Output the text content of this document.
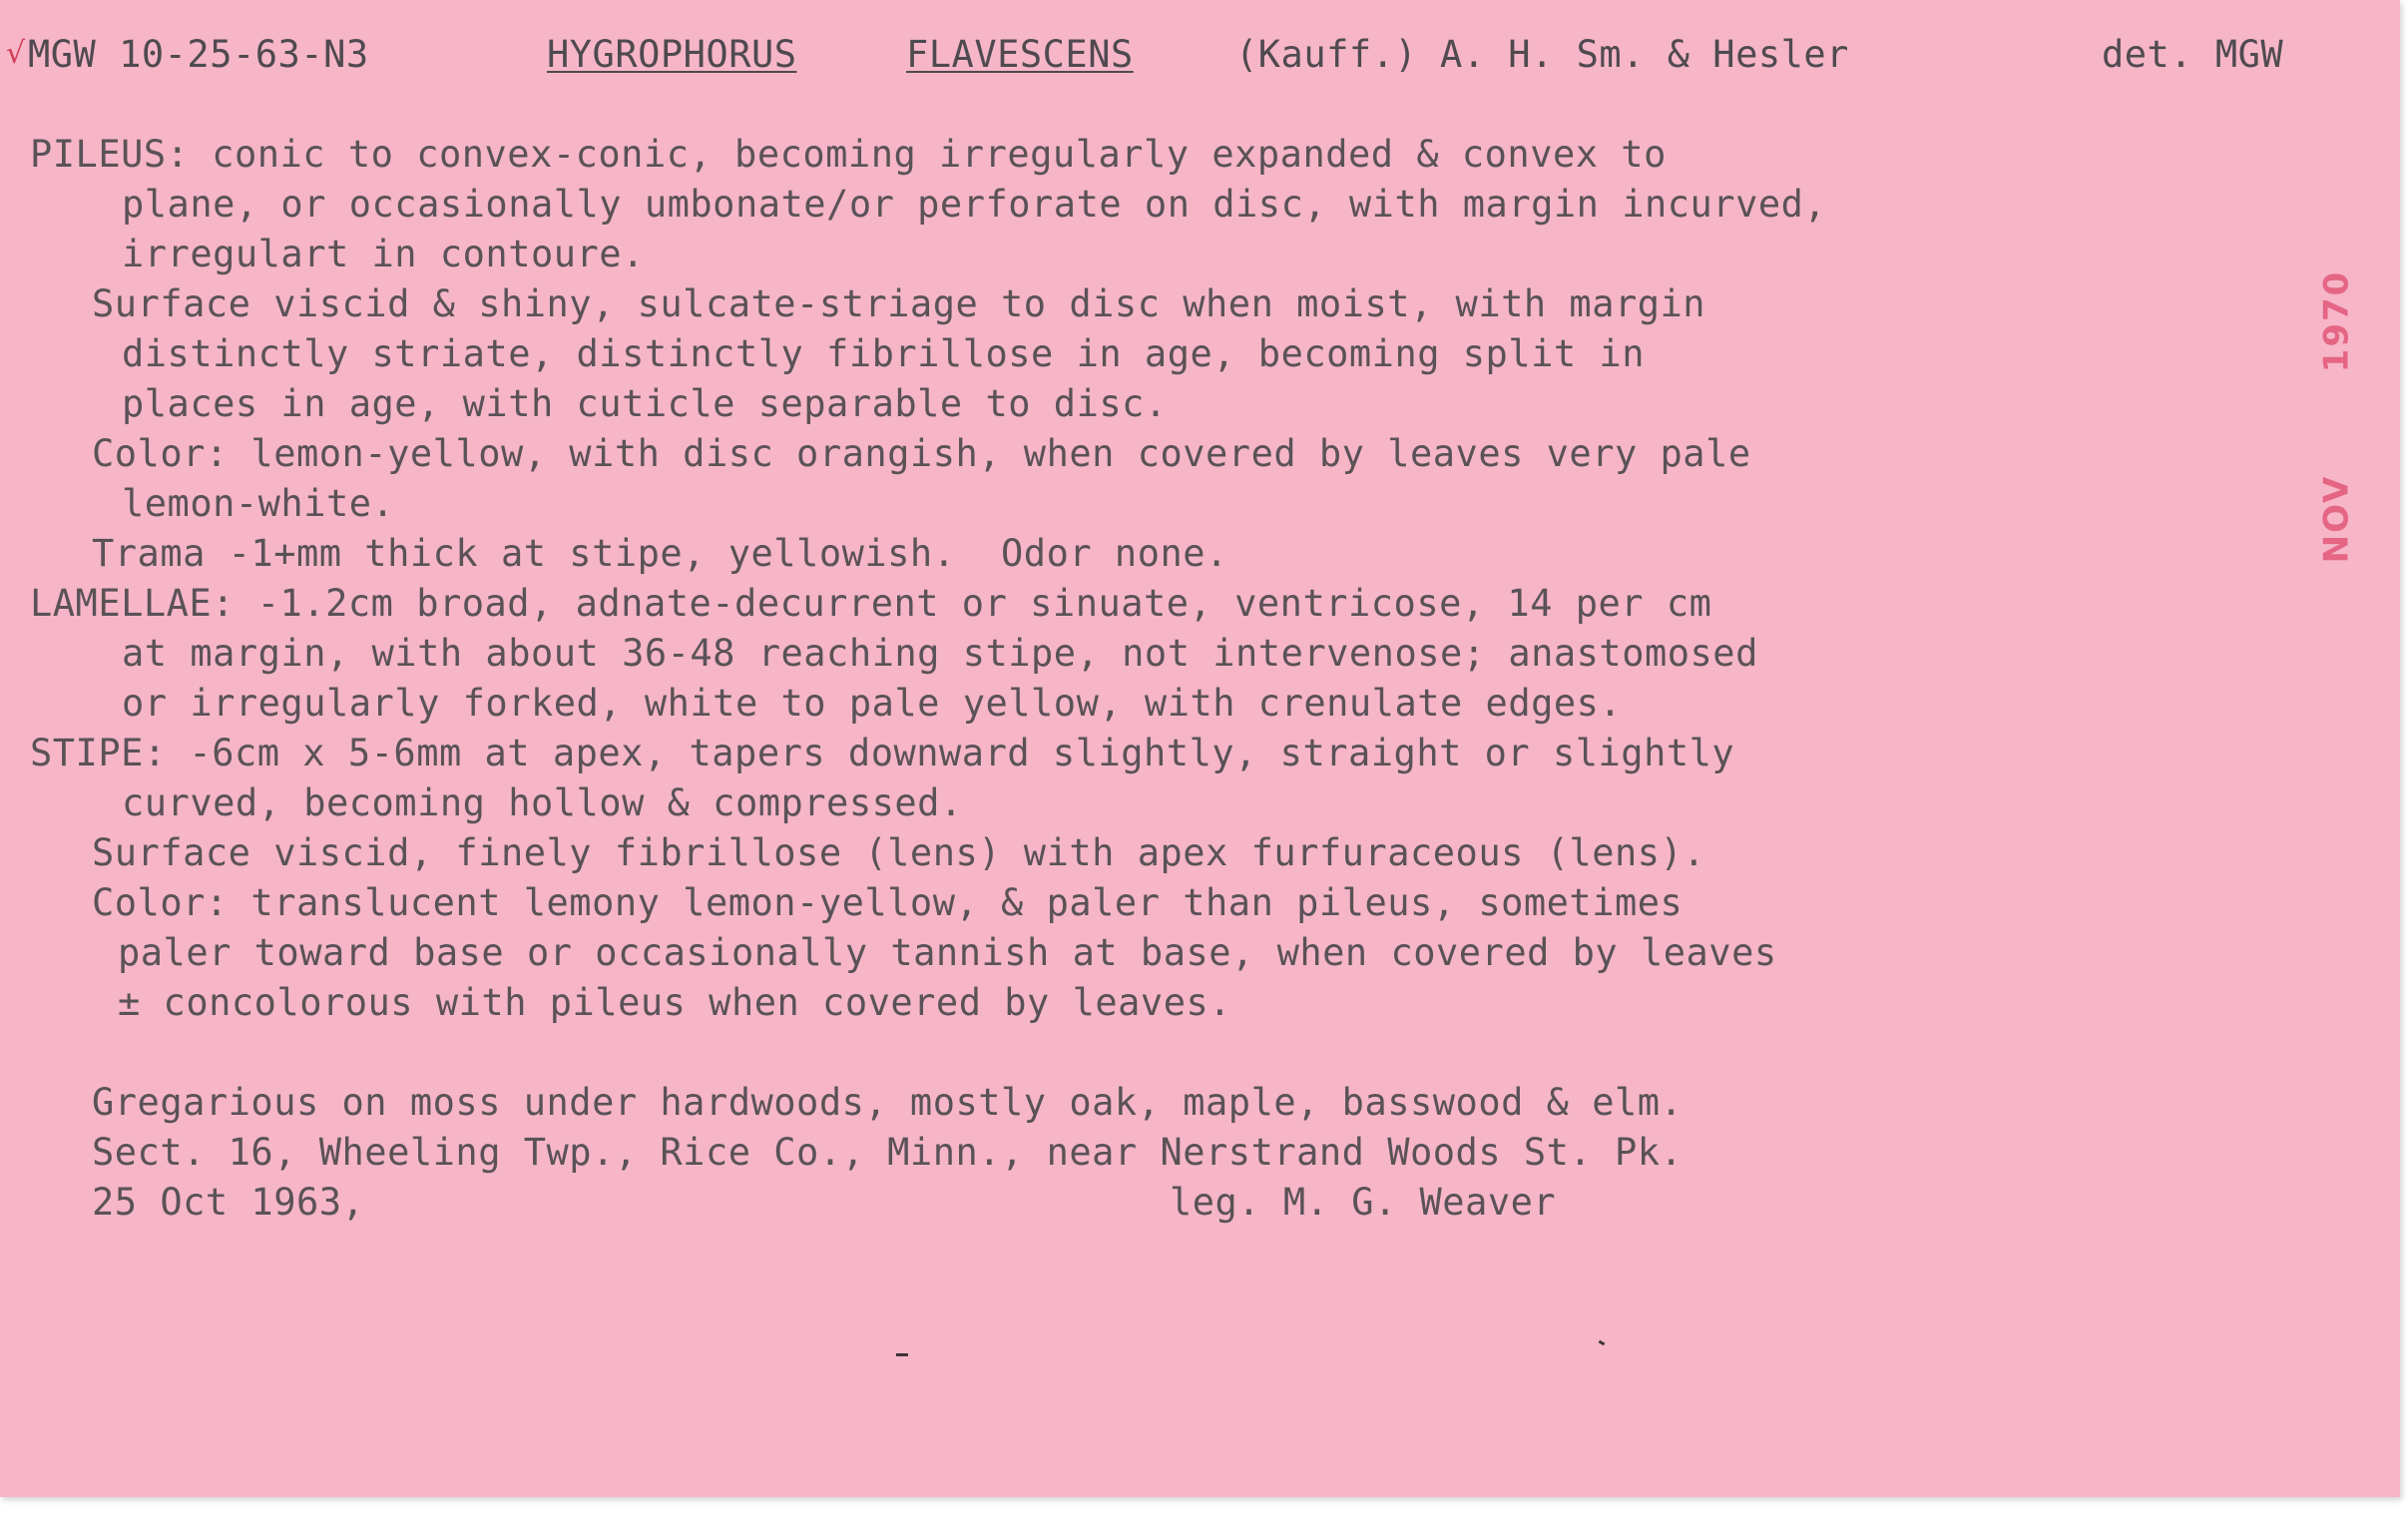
√ MGW 10-25-63-N3	HYGROPHORUS	FLAVESCENS	(Kauff.) A. H. Sm. & Hesler	det. MGW
PILEUS: conic to convex-conic, becoming irregularly expanded & convex to
plane, or occasionally umbonate/or perforate on disc, with margin incurved,
irregulart in contoure.
Surface viscid & shiny, sulcate-striage to disc when moist, with margin
distinctly striate, distinctly fibrillose in age, becoming split in
places in age, with cuticle separable to disc.
Color: lemon-yellow, with disc orangish, when covered by leaves very pale
lemon-white.
Trama -1+mm thick at stipe, yellowish.  Odor none.
LAMELLAE: -1.2cm broad, adnate-decurrent or sinuate, ventricose, 14 per cm
at margin, with about 36-48 reaching stipe, not intervenose; anastomosed
or irregularly forked, white to pale yellow, with crenulate edges.
STIPE: -6cm x 5-6mm at apex, tapers downward slightly, straight or slightly
curved, becoming hollow & compressed.
Surface viscid, finely fibrillose (lens) with apex furfuraceous (lens).
Color: translucent lemony lemon-yellow, & paler than pileus, sometimes
paler toward base or occasionally tannish at base, when covered by leaves
± concolorous with pileus when covered by leaves.
Gregarious on moss under hardwoods, mostly oak, maple, basswood & elm.
Sect. 16, Wheeling Twp., Rice Co., Minn., near Nerstrand Woods St. Pk.
25 Oct 1963,	leg. M. G. Weaver
1970
NOV
